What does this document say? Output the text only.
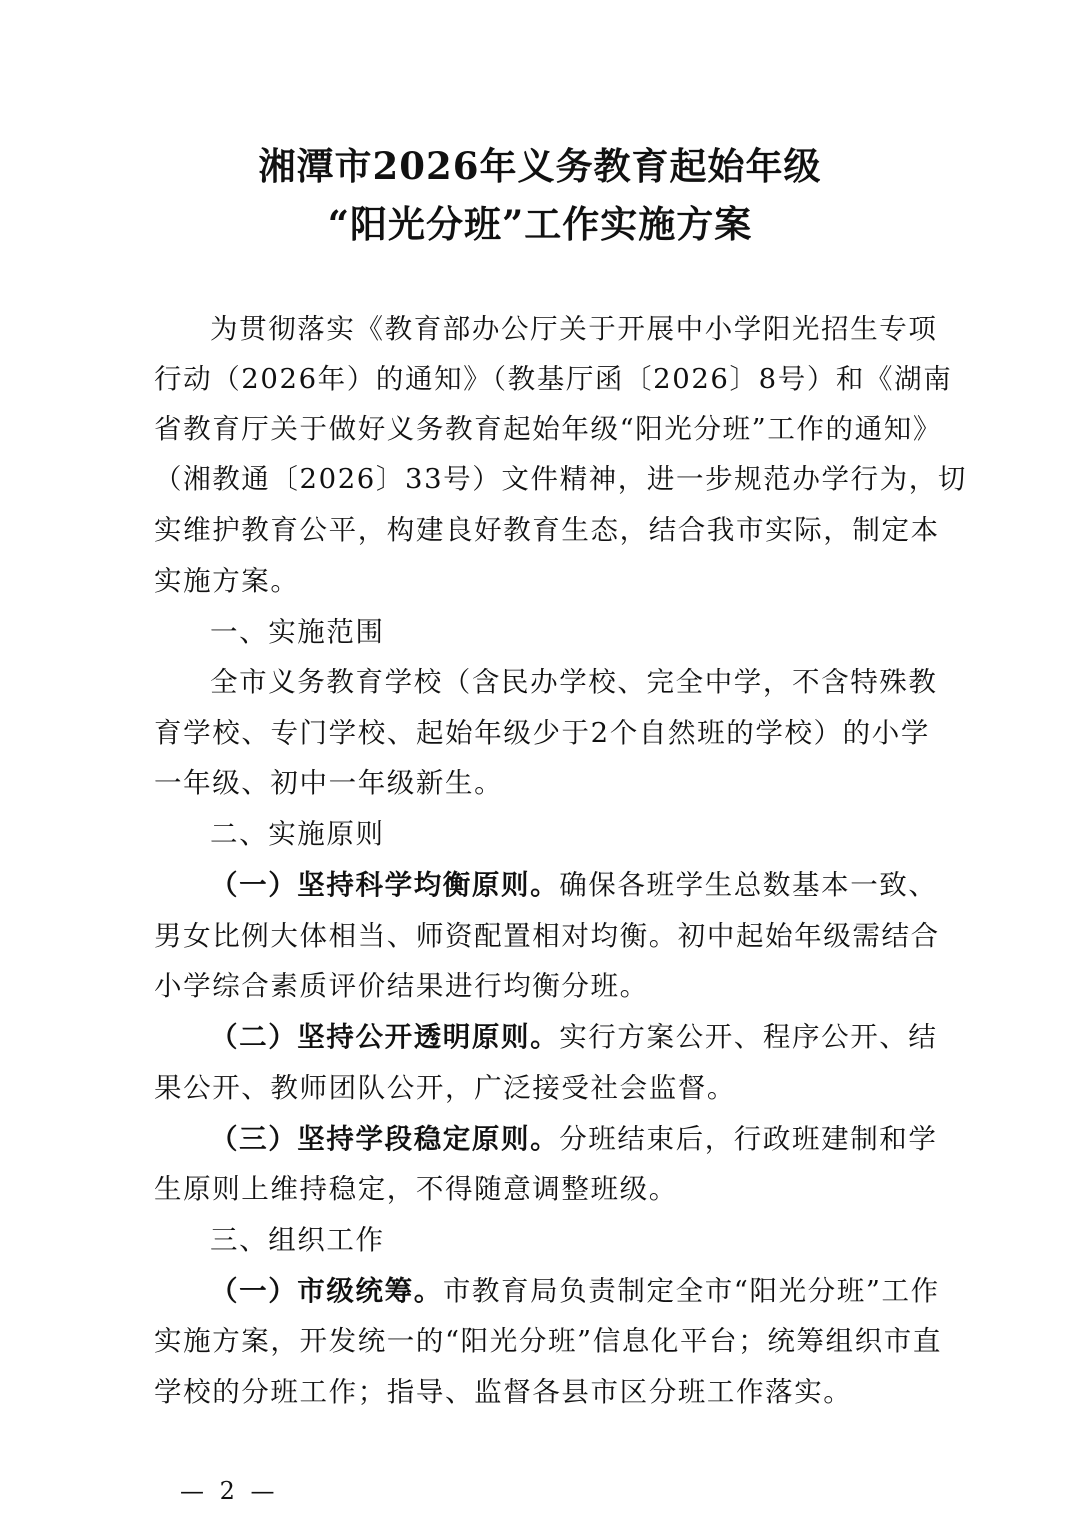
湘潭市2026年义务教育起始年级
“阳光分班”工作实施方案
为贯彻落实《教育部办公厅关于开展中小学阳光招生专项
行动（2026年）的通知》（教基厅函〔2026〕8号）和《湖南
省教育厅关于做好义务教育起始年级“阳光分班”工作的通知》
（湘教通〔2026〕33号）文件精神，进一步规范办学行为，切
实维护教育公平，构建良好教育生态，结合我市实际，制定本
实施方案。
一、实施范围
全市义务教育学校（含民办学校、完全中学，不含特殊教
育学校、专门学校、起始年级少于2个自然班的学校）的小学
一年级、初中一年级新生。
二、实施原则
（一）坚持科学均衡原则。确保各班学生总数基本一致、
男女比例大体相当、师资配置相对均衡。初中起始年级需结合
小学综合素质评价结果进行均衡分班。
（二）坚持公开透明原则。实行方案公开、程序公开、结
果公开、教师团队公开，广泛接受社会监督。
（三）坚持学段稳定原则。分班结束后，行政班建制和学
生原则上维持稳定，不得随意调整班级。
三、组织工作
（一）市级统筹。市教育局负责制定全市“阳光分班”工作
实施方案，开发统一的“阳光分班”信息化平台；统筹组织市直
学校的分班工作；指导、监督各县市区分班工作落实。
— 2 —
